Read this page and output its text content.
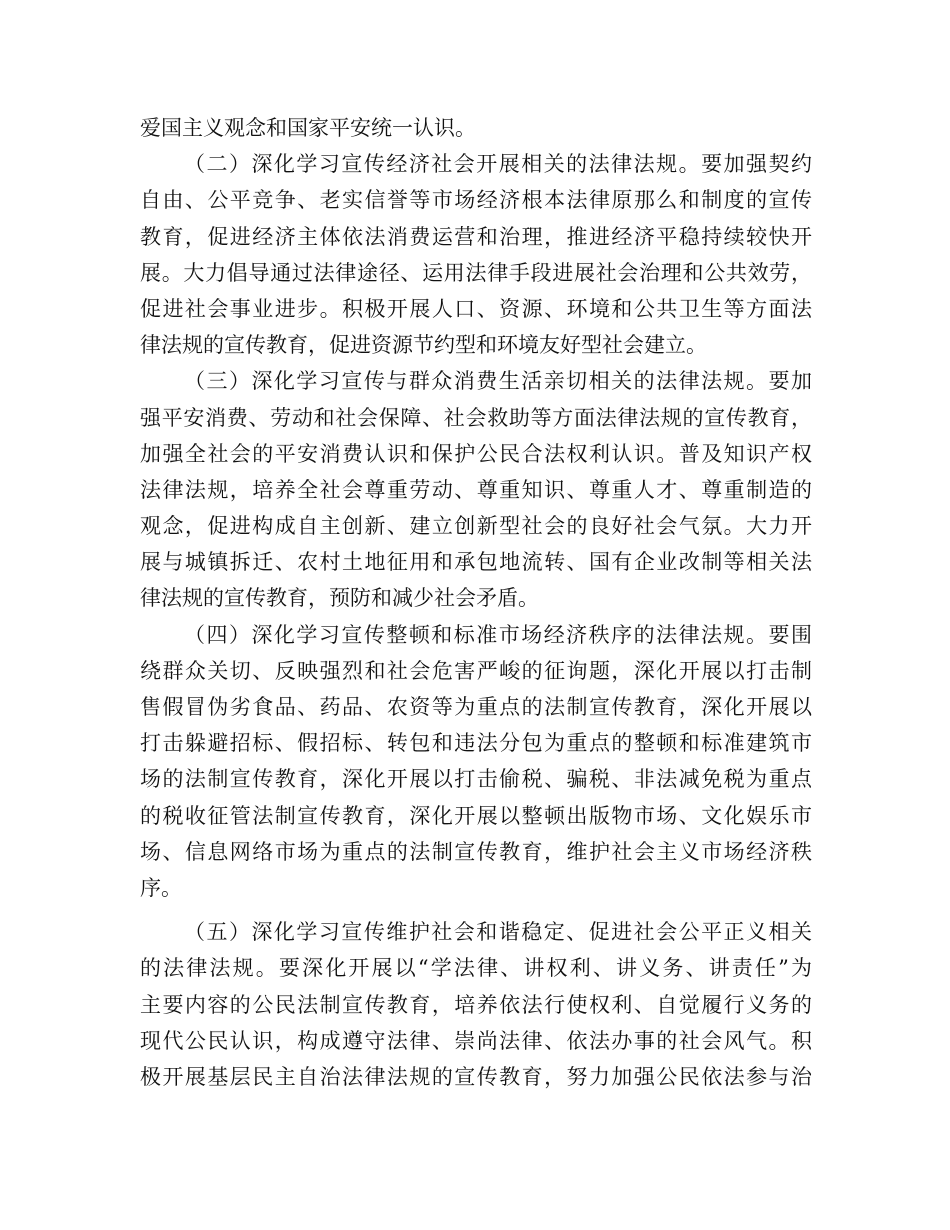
爱国主义观念和国家平安统一认识。
（二）深化学习宣传经济社会开展相关的法律法规。要加强契约
自由、公平竞争、老实信誉等市场经济根本法律原那么和制度的宣传
教育，促进经济主体依法消费运营和治理，推进经济平稳持续较快开
展。大力倡导通过法律途径、运用法律手段进展社会治理和公共效劳，
促进社会事业进步。积极开展人口、资源、环境和公共卫生等方面法
律法规的宣传教育，促进资源节约型和环境友好型社会建立。
（三）深化学习宣传与群众消费生活亲切相关的法律法规。要加
强平安消费、劳动和社会保障、社会救助等方面法律法规的宣传教育，
加强全社会的平安消费认识和保护公民合法权利认识。普及知识产权
法律法规，培养全社会尊重劳动、尊重知识、尊重人才、尊重制造的
观念，促进构成自主创新、建立创新型社会的良好社会气氛。大力开
展与城镇拆迁、农村土地征用和承包地流转、国有企业改制等相关法
律法规的宣传教育，预防和减少社会矛盾。
（四）深化学习宣传整顿和标准市场经济秩序的法律法规。要围
绕群众关切、反映强烈和社会危害严峻的征询题，深化开展以打击制
售假冒伪劣食品、药品、农资等为重点的法制宣传教育，深化开展以
打击躲避招标、假招标、转包和违法分包为重点的整顿和标准建筑市
场的法制宣传教育，深化开展以打击偷税、骗税、非法减免税为重点
的税收征管法制宣传教育，深化开展以整顿出版物市场、文化娱乐市
场、信息网络市场为重点的法制宣传教育，维护社会主义市场经济秩
序。
（五）深化学习宣传维护社会和谐稳定、促进社会公平正义相关
的法律法规。要深化开展以“学法律、讲权利、讲义务、讲责任”为
主要内容的公民法制宣传教育，培养依法行使权利、自觉履行义务的
现代公民认识，构成遵守法律、崇尚法律、依法办事的社会风气。积
极开展基层民主自治法律法规的宣传教育，努力加强公民依法参与治
